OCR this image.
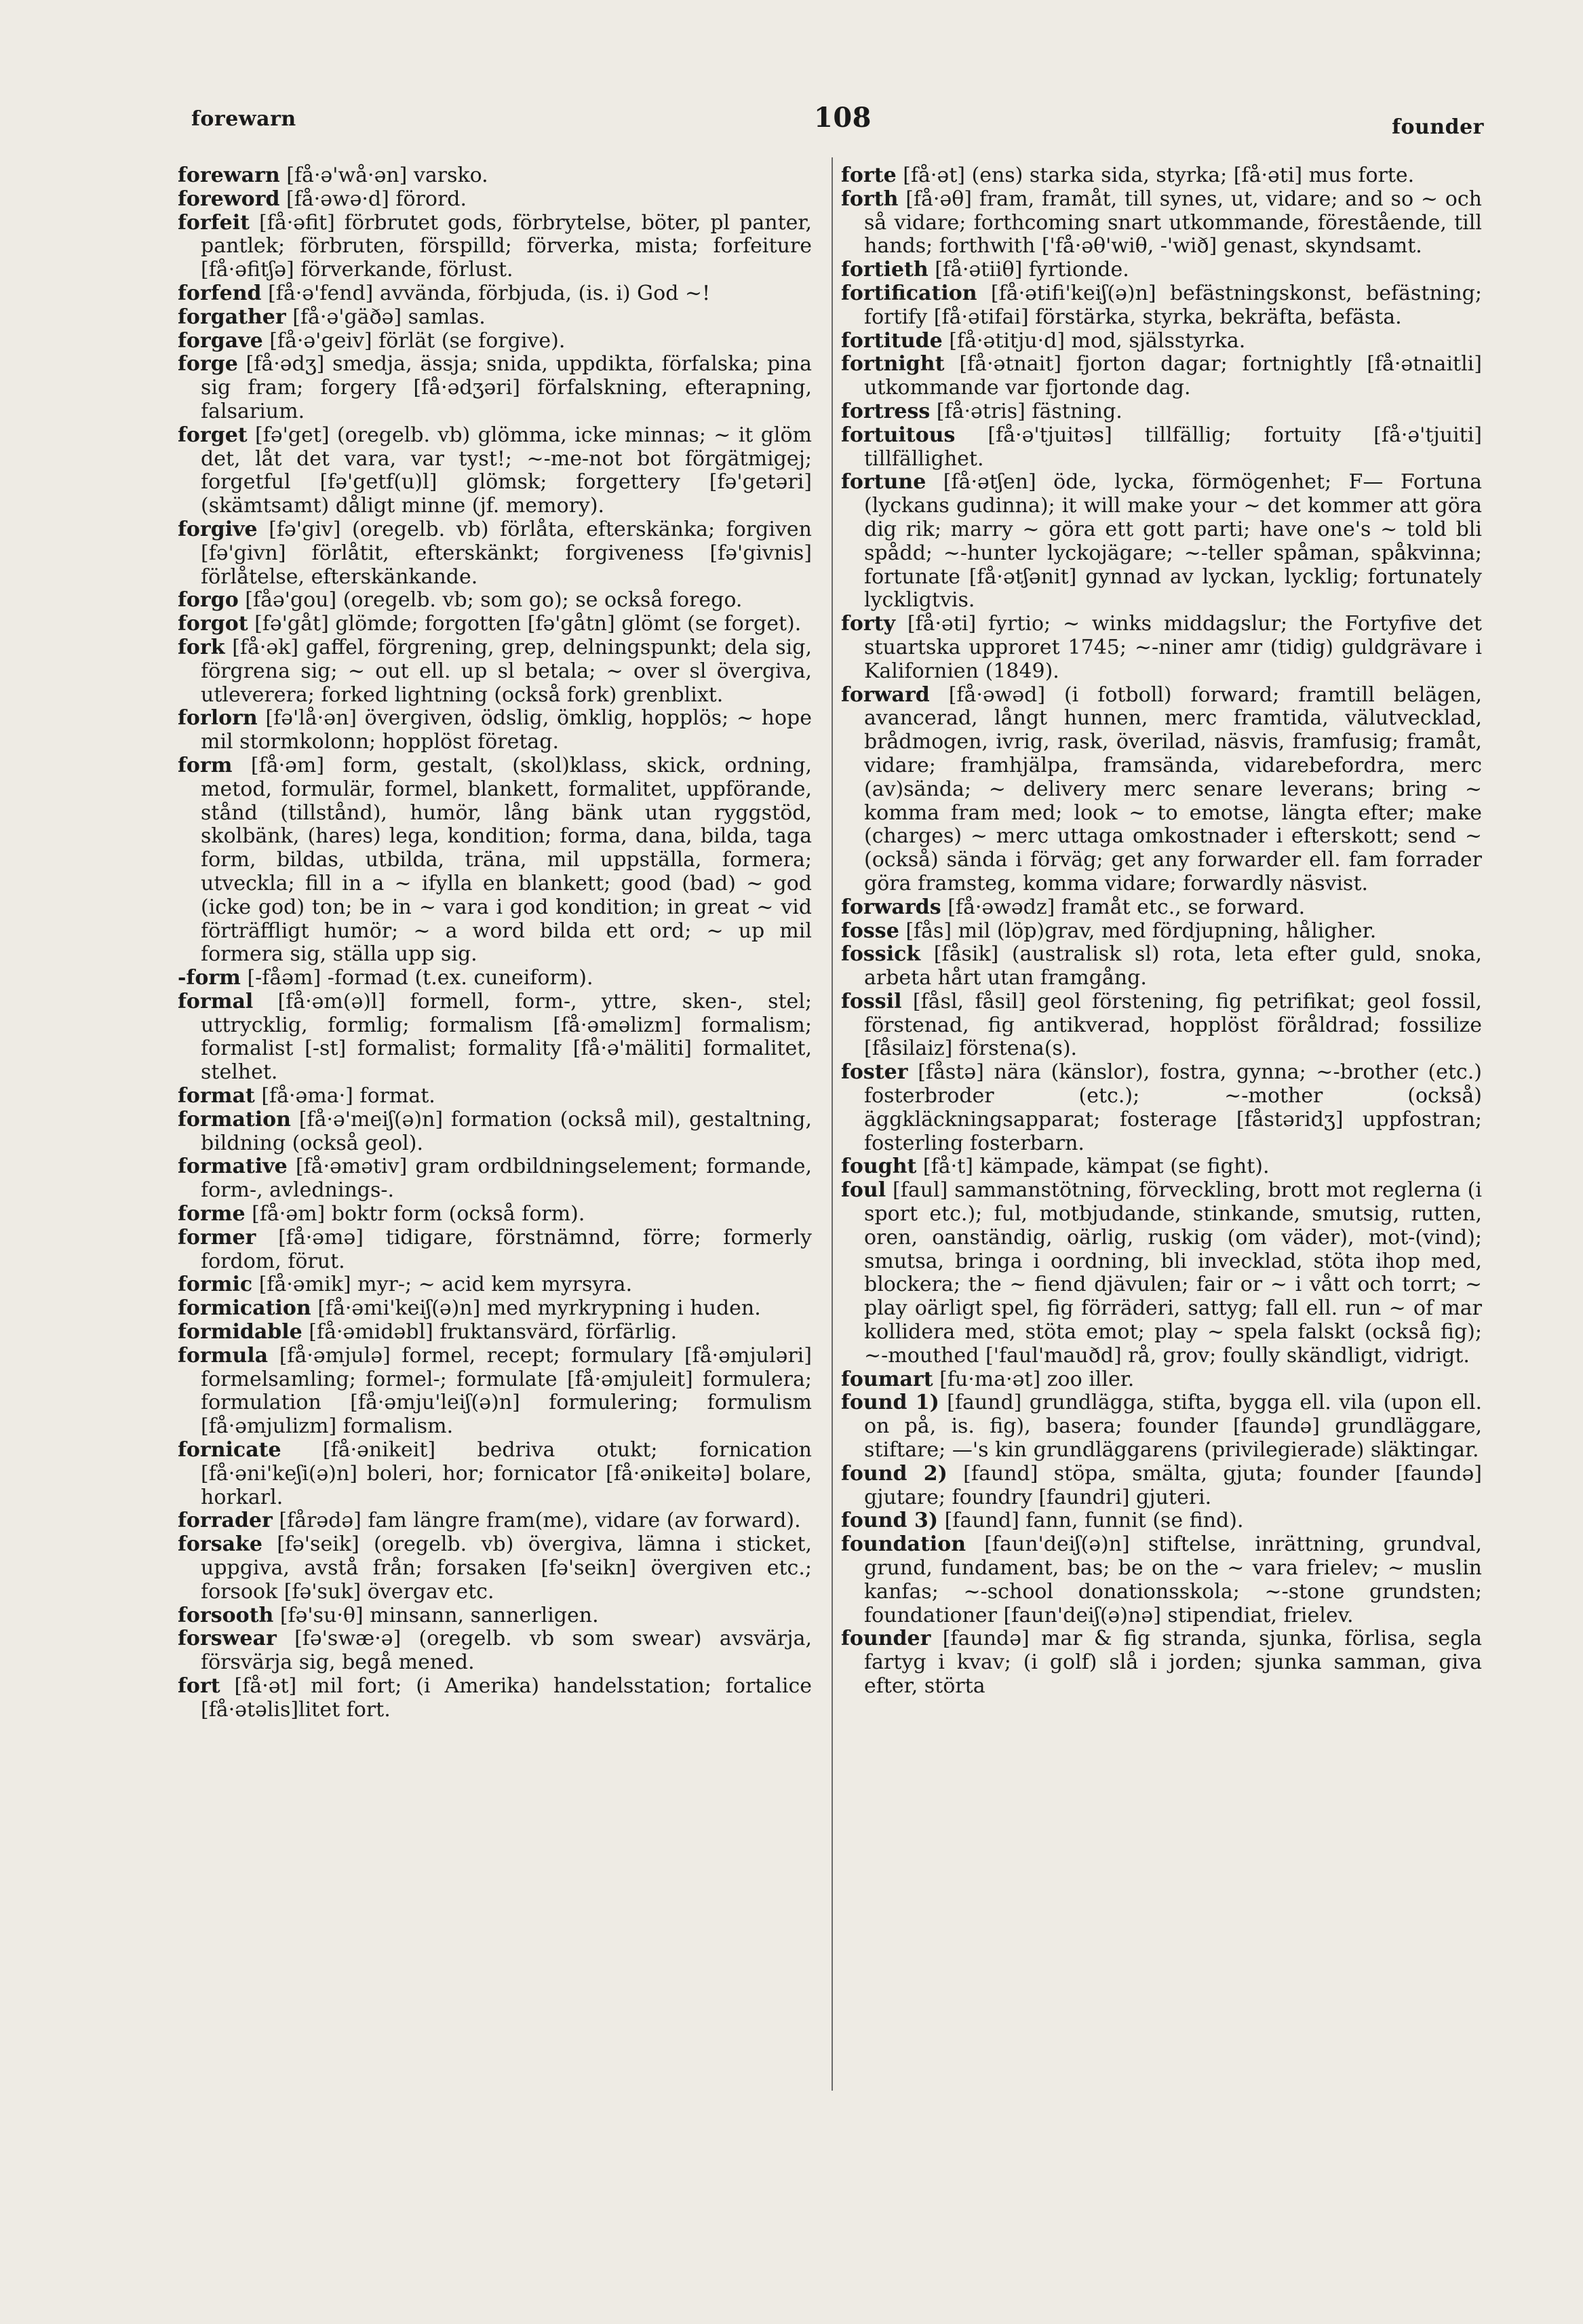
forewarn	108	founder

forewarn [få·ə'wå·ən] varsko.

foreword [få·əwə·d] förord.

forfeit [få·əfit] förbrutet gods, förbrytelse, böter, pl panter, pantlek; förbruten, förspilld; förverka, mista; forfeiture [få·əfitʃə] förverkande, förlust.

forfend [få·ə'fend] avvända, förbjuda, (is. i) God ~!

forgather [få·ə'gäðə] samlas.

forgave [få·ə'geiv] förlät (se forgive).

forge [få·ədʒ] smedja, ässja; snida, uppdikta, förfalska; pina sig fram; forgery [få·ədʒəri] förfalskning, efterapning, falsarium.

forget [fə'get] (oregelb. vb) glömma, icke minnas; ~ it glöm det, låt det vara, var tyst!; ~-me-not bot förgätmigej; forgetful [fə'getf(u)l] glömsk; forgettery [fə'getəri] (skämtsamt) dåligt minne (jf. memory).

forgive [fə'giv] (oregelb. vb) förlåta, efterskänka; forgiven [fə'givn] förlåtit, efterskänkt; forgiveness [fə'givnis] förlåtelse, efterskänkande.

forgo [fåə'gou] (oregelb. vb; som go); se också forego.

forgot [fə'gåt] glömde; forgotten [fə'gåtn] glömt (se forget).

fork [få·ək] gaffel, förgrening, grep, delningspunkt; dela sig, förgrena sig; ~ out ell. up sl betala; ~ over sl övergiva, utleverera; forked lightning (också fork) grenblixt.

forlorn [fə'lå·ən] övergiven, ödslig, ömklig, hopplös; ~ hope mil stormkolonn; hopplöst företag.

form [få·əm] form, gestalt, (skol)klass, skick, ordning, metod, formulär, formel, blankett, formalitet, uppförande, stånd (tillstånd), humör, lång bänk utan ryggstöd, skolbänk, (hares) lega, kondition; forma, dana, bilda, taga form, bildas, utbilda, träna, mil uppställa, formera; utveckla; fill in a ~ ifylla en blankett; good (bad) ~ god (icke god) ton; be in ~ vara i god kondition; in great ~ vid förträffligt humör; ~ a word bilda ett ord; ~ up mil formera sig, ställa upp sig.

-form [-fåəm] -formad (t.ex. cuneiform).

formal [få·əm(ə)l] formell, form-, yttre, sken-, stel; uttrycklig, formlig; formalism [få·əməlizm] formalism; formalist [-st] formalist; formality [få·ə'mäliti] formalitet, stelhet.

format [få·əma·] format.

formation [få·ə'meiʃ(ə)n] formation (också mil), gestaltning, bildning (också geol).

formative [få·əmətiv] gram ordbildningselement; formande, form-, avlednings-.

forme [få·əm] boktr form (också form).

former [få·əmə] tidigare, förstnämnd, förre; formerly fordom, förut.

formic [få·əmik] myr-; ~ acid kem myrsyra.

formication [få·əmi'keiʃ(ə)n] med myrkrypning i huden.

formidable [få·əmidəbl] fruktansvärd, förfärlig.

formula [få·əmjulə] formel, recept; formulary [få·əmjuləri] formelsamling; formel-; formulate [få·əmjuleit] formulera; formulation [få·əmju'leiʃ(ə)n] formulering; formulism [få·əmjulizm] formalism.

fornicate [få·ənikeit] bedriva otukt; fornication [få·əni'keʃi(ə)n] boleri, hor; fornicator [få·ənikeitə] bolare, horkarl.

forrader [fårədə] fam längre fram(me), vidare (av forward).

forsake [fə'seik] (oregelb. vb) övergiva, lämna i sticket, uppgiva, avstå från; forsaken [fə'seikn] övergiven etc.; forsook [fə'suk] övergav etc.

forsooth [fə'su·θ] minsann, sannerligen.

forswear [fə'swæ·ə] (oregelb. vb som swear) avsvärja, försvärja sig, begå mened.

fort [få·ət] mil fort; (i Amerika) handelsstation; fortalice [få·ətəlis]litet fort.

forte [få·ət] (ens) starka sida, styrka; [få·əti] mus forte.

forth [få·əθ] fram, framåt, till synes, ut, vidare; and so ~ och så vidare; forthcoming snart utkommande, förestående, till hands; forthwith ['få·əθ'wiθ, -'wið] genast, skyndsamt.

fortieth [få·ətiiθ] fyrtionde.

fortification [få·ətifi'keiʃ(ə)n] befästningskonst, befästning; fortify [få·ətifai] förstärka, styrka, bekräfta, befästa.

fortitude [få·ətitju·d] mod, själsstyrka.

fortnight [få·ətnait] fjorton dagar; fortnightly [få·ətnaitli] utkommande var fjortonde dag.

fortress [få·ətris] fästning.

fortuitous [få·ə'tjuitəs] tillfällig; fortuity [få·ə'tjuiti] tillfällighet.

fortune [få·ətʃen] öde, lycka, förmögenhet; F— Fortuna (lyckans gudinna); it will make your ~ det kommer att göra dig rik; marry ~ göra ett gott parti; have one's ~ told bli spådd; ~-hunter lyckojägare; ~-teller spåman, spåkvinna; fortunate [få·ətʃənit] gynnad av lyckan, lycklig; fortunately lyckligtvis.

forty [få·əti] fyrtio; ~ winks middagslur; the Fortyfive det stuartska upproret 1745; ~-niner amr (tidig) guldgrävare i Kalifornien (1849).

forward [få·əwəd] (i fotboll) forward; framtill belägen, avancerad, långt hunnen, merc framtida, välutvecklad, brådmogen, ivrig, rask, överilad, näsvis, framfusig; framåt, vidare; framhjälpa, framsända, vidarebefordra, merc (av)sända; ~ delivery merc senare leverans; bring ~ komma fram med; look ~ to emotse, längta efter; make (charges) ~ merc uttaga omkostnader i efterskott; send ~ (också) sända i förväg; get any forwarder ell. fam forrader göra framsteg, komma vidare; forwardly näsvist.

forwards [få·əwədz] framåt etc., se forward.

fosse [fås] mil (löp)grav, med fördjupning, håligher.

fossick [fåsik] (australisk sl) rota, leta efter guld, snoka, arbeta hårt utan framgång.

fossil [fåsl, fåsil] geol förstening, fig petrifikat; geol fossil, förstenad, fig antikverad, hopplöst föråldrad; fossilize [fåsilaiz] förstena(s).

foster [fåstə] nära (känslor), fostra, gynna; ~-brother (etc.) fosterbroder (etc.); ~-mother (också) äggkläckningsapparat; fosterage [fåstəridʒ] uppfostran; fosterling fosterbarn.

fought [få·t] kämpade, kämpat (se fight).

foul [faul] sammanstötning, förveckling, brott mot reglerna (i sport etc.); ful, motbjudande, stinkande, smutsig, rutten, oren, oanständig, oärlig, ruskig (om väder), mot-(vind); smutsa, bringa i oordning, bli invecklad, stöta ihop med, blockera; the ~ fiend djävulen; fair or ~ i vått och torrt; ~ play oärligt spel, fig förräderi, sattyg; fall ell. run ~ of mar kollidera med, stöta emot; play ~ spela falskt (också fig); ~-mouthed ['faul'mauðd] rå, grov; foully skändligt, vidrigt.

foumart [fu·ma·ət] zoo iller.

found 1) [faund] grundlägga, stifta, bygga ell. vila (upon ell. on på, is. fig), basera; founder [faundə] grundläggare, stiftare; —'s kin grundläggarens (privilegierade) släktingar.

found 2) [faund] stöpa, smälta, gjuta; founder [faundə] gjutare; foundry [faundri] gjuteri.

found 3) [faund] fann, funnit (se find).

foundation [faun'deiʃ(ə)n] stiftelse, inrättning, grundval, grund, fundament, bas; be on the ~ vara frielev; ~ muslin kanfas; ~-school donationsskola; ~-stone grundsten; foundationer [faun'deiʃ(ə)nə] stipendiat, frielev.

founder [faundə] mar & fig stranda, sjunka, förlisa, segla fartyg i kvav; (i golf) slå i jorden; sjunka samman, giva efter, störta
